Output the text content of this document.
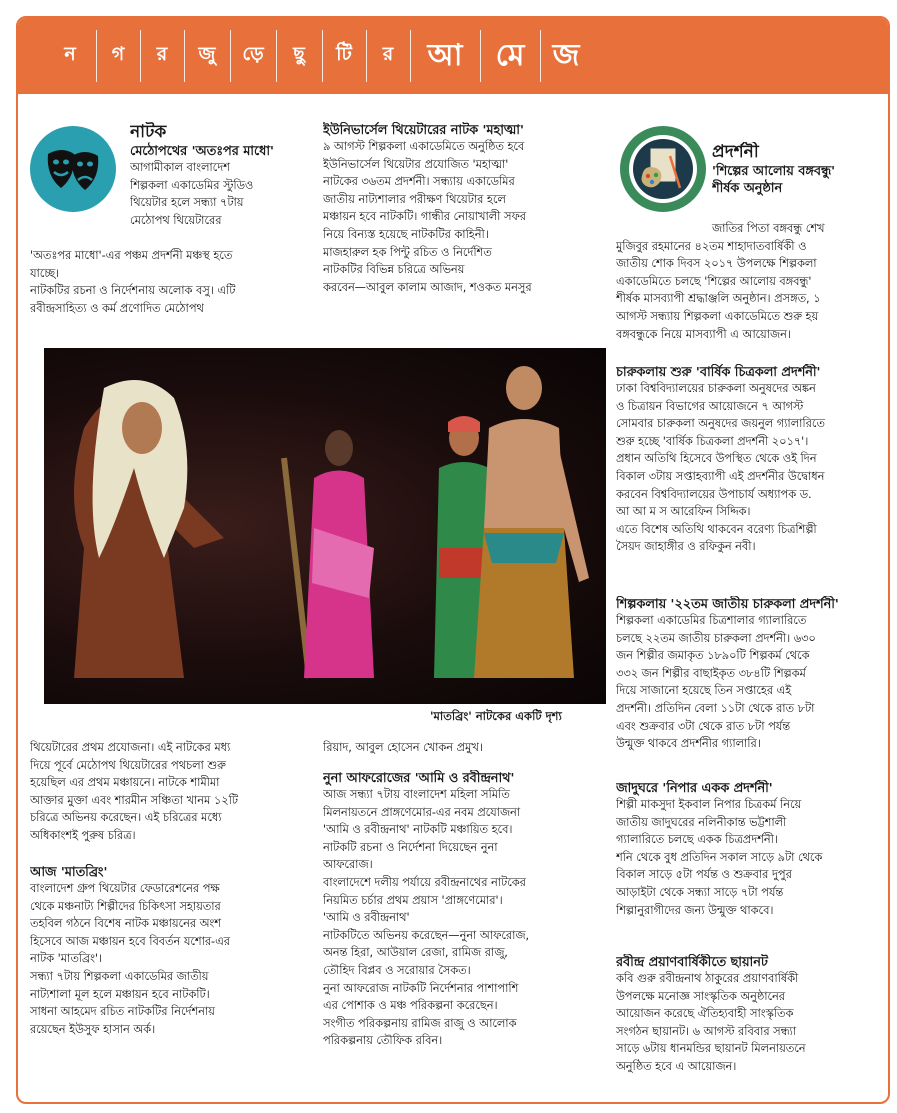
ন	গ	র	জু	ড়ে	ছু	টি	র	আ	মে জ
নাটক
মেঠোপথের 'অতঃপর মাধো'

আগামীকাল বাংলাদেশ

শিল্পকলা একাডেমির স্টুডিও

থিয়েটার হলে সন্ধ্যা ৭টায়

মেঠোপথ থিয়েটারের

'অতঃপর মাধো'-এর পঞ্চম প্রদর্শনী মঞ্চস্থ হতে

যাচ্ছে।

নাটকটির রচনা ও নির্দেশনায় অলোক বসু। এটি

রবীন্দ্রসাহিত্য ও কর্ম প্রণোদিত মেঠোপথ

ইউনিভার্সেল থিয়েটারের নাটক 'মহাত্মা'

৯ আগস্ট শিল্পকলা একাডেমিতে অনুষ্ঠিত হবে

ইউনিভার্সেল থিয়েটার প্রযোজিত 'মহাত্মা'

নাটকের ৩৬তম প্রদর্শনী। সন্ধ্যায় একাডেমির

জাতীয় নাট্যশালার পরীক্ষণ থিয়েটার হলে

মঞ্চায়ন হবে নাটকটি। গান্ধীর নোয়াখালী সফর

নিয়ে বিন্যস্ত হয়েছে নাটকটির কাহিনী।

মাজহারুল হক পিন্টু রচিত ও নির্দেশিত

নাটকটির বিভিন্ন চরিত্রে অভিনয়

করবেন—আবুল কালাম আজাদ, শওকত মনসুর

প্রদর্শনী
'শিল্পের আলোয় বঙ্গবন্ধু'
শীর্ষক অনুষ্ঠান

জাতির পিতা বঙ্গবন্ধু শেখ

মুজিবুর রহমানের ৪২তম শাহাদাতবার্ষিকী ও

জাতীয় শোক দিবস ২০১৭ উপলক্ষে শিল্পকলা

একাডেমিতে চলছে 'শিল্পের আলোয় বঙ্গবন্ধু'

শীর্ষক মাসব্যাপী শ্রদ্ধাঞ্জলি অনুষ্ঠান। প্রসঙ্গত, ১

আগস্ট সন্ধ্যায় শিল্পকলা একাডেমিতে শুরু হয়

বঙ্গবন্ধুকে নিয়ে মাসব্যাপী এ আয়োজন।

চারুকলায় শুরু 'বার্ষিক চিত্রকলা প্রদর্শনী'

ঢাকা বিশ্ববিদ্যালয়ের চারুকলা অনুষদের অঙ্কন

ও চিত্রায়ন বিভাগের আয়োজনে ৭ আগস্ট

সোমবার চারুকলা অনুষদের জয়নুল গ্যালারিতে

শুরু হচ্ছে 'বার্ষিক চিত্রকলা প্রদর্শনী ২০১৭'।

প্রধান অতিথি হিসেবে উপস্থিত থেকে ওই দিন

বিকাল ৩টায় সপ্তাহব্যাপী এই প্রদর্শনীর উদ্বোধন

করবেন বিশ্ববিদ্যালয়ের উপাচার্য অধ্যাপক ড.

আ আ ম স আরেফিন সিদ্দিক।

এতে বিশেষ অতিথি থাকবেন বরেণ্য চিত্রশিল্পী

সৈয়দ জাহাঙ্গীর ও রফিকুন নবী।

'মাতব্রিং' নাটকের একটি দৃশ্য
শিল্পকলায় '২২তম জাতীয় চারুকলা প্রদর্শনী'

শিল্পকলা একাডেমির চিত্রশালার গ্যালারিতে

চলছে ২২তম জাতীয় চারুকলা প্রদর্শনী। ৬৩০

জন শিল্পীর জমাকৃত ১৮৯০টি শিল্পকর্ম থেকে

৩৩২ জন শিল্পীর বাছাইকৃত ৩৮৪টি শিল্পকর্ম

দিয়ে সাজানো হয়েছে তিন সপ্তাহের এই

প্রদর্শনী। প্রতিদিন বেলা ১১টা থেকে রাত ৮টা

এবং শুক্রবার ৩টা থেকে রাত ৮টা পর্যন্ত

উন্মুক্ত থাকবে প্রদর্শনীর গ্যালারি।

থিয়েটারের প্রথম প্রযোজনা। এই নাটকের মধ্য

দিয়ে পূর্বে মেঠোপথ থিয়েটারের পথচলা শুরু

হয়েছিল এর প্রথম মঞ্চায়নে। নাটকে শামীমা

আক্তার মুক্তা এবং শারমীন সঞ্চিতা খানম ১২টি

চরিত্রে অভিনয় করেছেন। এই চরিত্রের মধ্যে

অধিকাংশই পুরুষ চরিত্র।

আজ 'মাতব্রিং'

বাংলাদেশ গ্রুপ থিয়েটার ফেডারেশনের পক্ষ

থেকে মঞ্চনাট্য শিল্পীদের চিকিৎসা সহায়তার

তহবিল গঠনে বিশেষ নাটক মঞ্চায়নের অংশ

হিসেবে আজ মঞ্চায়ন হবে বিবর্তন যশোর-এর

নাটক 'মাতব্রিং'।

সন্ধ্যা ৭টায় শিল্পকলা একাডেমির জাতীয়

নাট্যশালা মূল হলে মঞ্চায়ন হবে নাটকটি।

সাধনা আহমেদ রচিত নাটকটির নির্দেশনায়

রয়েছেন ইউসুফ হাসান অর্ক।

রিয়াদ, আবুল হোসেন খোকন প্রমুখ।
নুনা আফরোজের 'আমি ও রবীন্দ্রনাথ'

আজ সন্ধ্যা ৭টায় বাংলাদেশ মহিলা সমিতি

মিলনায়তনে প্রাঙ্গণেমোর-এর নবম প্রযোজনা

'আমি ও রবীন্দ্রনাথ' নাটকটি মঞ্চায়িত হবে।

নাটকটি রচনা ও নির্দেশনা দিয়েছেন নুনা

আফরোজ।

বাংলাদেশে দলীয় পর্যায়ে রবীন্দ্রনাথের নাটকের

নিয়মিত চর্চার প্রথম প্রয়াস 'প্রাঙ্গণেমোর'।

'আমি ও রবীন্দ্রনাথ'

নাটকটিতে অভিনয় করেছেন—নুনা আফরোজ,

অনন্ত হিরা, আউয়াল রেজা, রামিজ রাজু,

তৌহিদ বিপ্লব ও সরোয়ার সৈকত।

নুনা আফরোজ নাটকটি নির্দেশনার পাশাপাশি

এর পোশাক ও মঞ্চ পরিকল্পনা করেছেন।

সংগীত পরিকল্পনায় রামিজ রাজু ও আলোক

পরিকল্পনায় তৌফিক রবিন।

জাদুঘরে 'নিপার একক প্রদর্শনী'

শিল্পী মাকসুদা ইকবাল নিপার চিত্রকর্ম নিয়ে

জাতীয় জাদুঘরের নলিনীকান্ত ভট্টশালী

গ্যালারিতে চলছে একক চিত্রপ্রদর্শনী।

শনি থেকে বুধ প্রতিদিন সকাল সাড়ে ৯টা থেকে

বিকাল সাড়ে ৫টা পর্যন্ত ও শুক্রবার দুপুর

আড়াইটা থেকে সন্ধ্যা সাড়ে ৭টা পর্যন্ত

শিল্পানুরাগীদের জন্য উন্মুক্ত থাকবে।

রবীন্দ্র প্রয়াণবার্ষিকীতে ছায়ানট

কবি গুরু রবীন্দ্রনাথ ঠাকুরের প্রয়াণবার্ষিকী

উপলক্ষে মনোজ্ঞ সাংস্কৃতিক অনুষ্ঠানের

আয়োজন করেছে ঐতিহ্যবাহী সাংস্কৃতিক

সংগঠন ছায়ানট। ৬ আগস্ট রবিবার সন্ধ্যা

সাড়ে ৬টায় ধানমন্ডির ছায়ানট মিলনায়তনে

অনুষ্ঠিত হবে এ আয়োজন।
